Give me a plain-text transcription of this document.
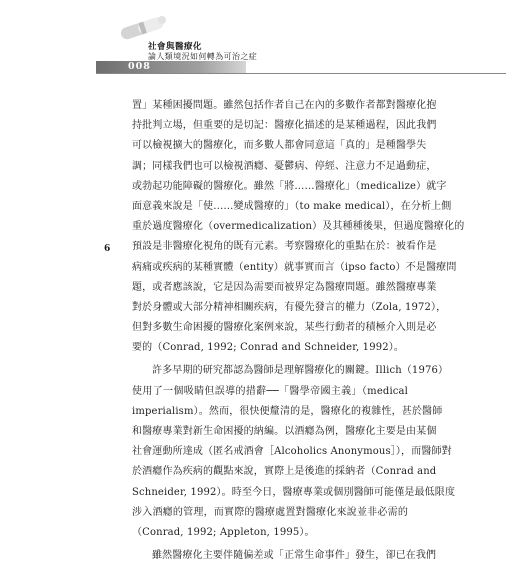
社會與醫療化
論人類境況如何轉為可治之症
008
6
置」某種困擾問題。雖然包括作者自己在內的多數作者都對醫療化抱
持批判立場，但重要的是切記：醫療化描述的是某種過程，因此我們
可以檢視擴大的醫療化，而多數人都會同意這「真的」是種醫學失
調；同樣我們也可以檢視酒癮、憂鬱病、停經、注意力不足過動症，
或勃起功能障礙的醫療化。雖然「將……醫療化」（medicalize）就字
面意義來說是「使……變成醫療的」（to make medical），在分析上側
重於過度醫療化（overmedicalization）及其種種後果，但過度醫療化的
預設是非醫療化視角的既有元素。考察醫療化的重點在於：被看作是
病痛或疾病的某種實體（entity）就事實而言（ipso facto）不是醫療問
題，或者應該說，它是因為需要而被界定為醫療問題。雖然醫療專業
對於身體或大部分精神相關疾病，有優先發言的權力（Zola, 1972），
但對多數生命困擾的醫療化案例來說，某些行動者的積極介入則是必
要的（Conrad, 1992; Conrad and Schneider, 1992）。
許多早期的研究都認為醫師是理解醫療化的關鍵。Illich（1976）
使用了一個吸睛但誤導的措辭──「醫學帝國主義」（medical
imperialism）。然而，很快便釐清的是，醫療化的複雜性，甚於醫師
和醫療專業對新生命困擾的納編。以酒癮為例，醫療化主要是由某個
社會運動所達成（匿名戒酒會［Alcoholics Anonymous］），而醫師對
於酒癮作為疾病的觀點來說，實際上是後進的採納者（Conrad and
Schneider, 1992）。時至今日，醫療專業或個別醫師可能僅是最低限度
涉入酒癮的管理，而實際的醫療處置對醫療化來說並非必需的
（Conrad, 1992; Appleton, 1995）。
雖然醫療化主要伴隨偏差或「正常生命事件」發生，卻已在我們
